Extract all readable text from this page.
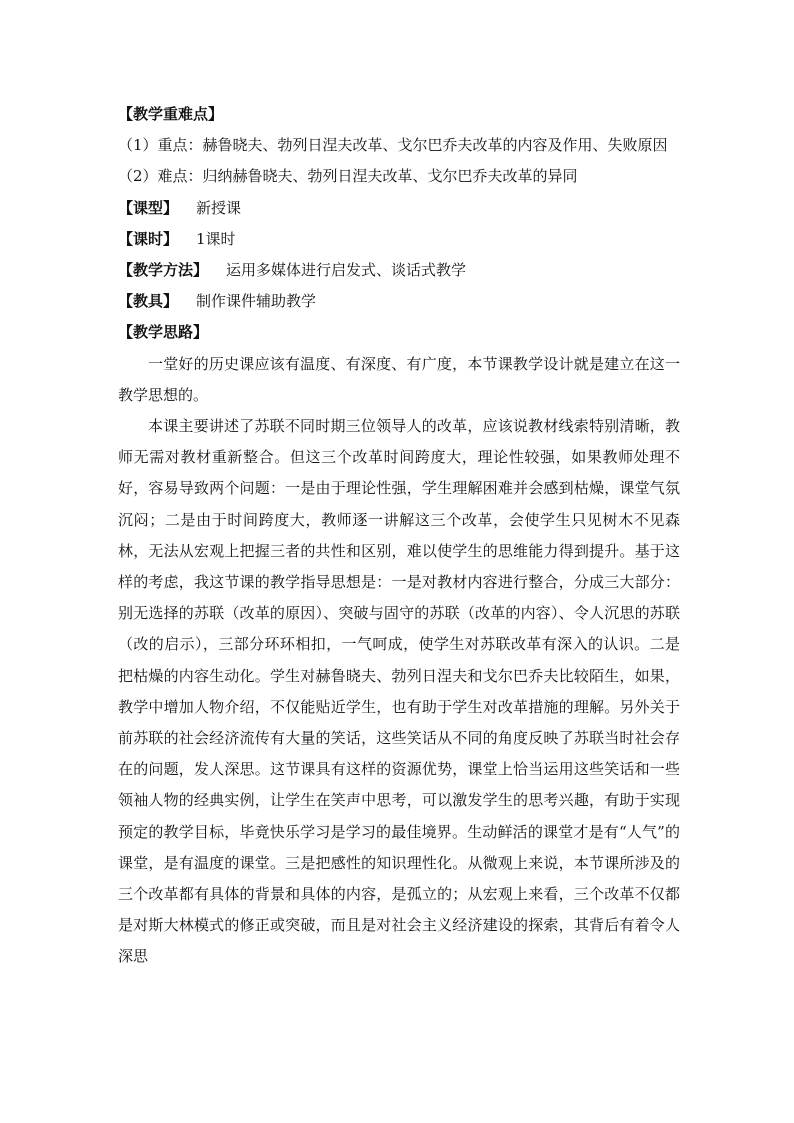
【教学重难点】

（1）重点：赫鲁晓夫、勃列日涅夫改革、戈尔巴乔夫改革的内容及作用、失败原因

（2）难点：归纳赫鲁晓夫、勃列日涅夫改革、戈尔巴乔夫改革的异同
【课型】 新授课
【课时】 1课时
【教学方法】 运用多媒体进行启发式、谈话式教学
【教具】 制作课件辅助教学
【教学思路】

一堂好的历史课应该有温度、有深度、有广度，本节课教学设计就是建立在这一教学思想的。

本课主要讲述了苏联不同时期三位领导人的改革，应该说教材线索特别清晰，教师无需对教材重新整合。但这三个改革时间跨度大，理论性较强，如果教师处理不好，容易导致两个问题：一是由于理论性强，学生理解困难并会感到枯燥，课堂气氛沉闷；二是由于时间跨度大，教师逐一讲解这三个改革，会使学生只见树木不见森林，无法从宏观上把握三者的共性和区别，难以使学生的思维能力得到提升。基于这样的考虑，我这节课的教学指导思想是：一是对教材内容进行整合，分成三大部分：别无选择的苏联（改革的原因）、突破与固守的苏联（改革的内容）、令人沉思的苏联（改的启示），三部分环环相扣，一气呵成，使学生对苏联改革有深入的认识。二是把枯燥的内容生动化。学生对赫鲁晓夫、勃列日涅夫和戈尔巴乔夫比较陌生，如果，教学中增加人物介绍，不仅能贴近学生，也有助于学生对改革措施的理解。另外关于前苏联的社会经济流传有大量的笑话，这些笑话从不同的角度反映了苏联当时社会存在的问题，发人深思。这节课具有这样的资源优势，课堂上恰当运用这些笑话和一些领袖人物的经典实例，让学生在笑声中思考，可以激发学生的思考兴趣，有助于实现预定的教学目标，毕竟快乐学习是学习的最佳境界。生动鲜活的课堂才是有“人气”的课堂，是有温度的课堂。三是把感性的知识理性化。从微观上来说，本节课所涉及的三个改革都有具体的背景和具体的内容，是孤立的；从宏观上来看，三个改革不仅都是对斯大林模式的修正或突破，而且是对社会主义经济建设的探索，其背后有着令人深思
